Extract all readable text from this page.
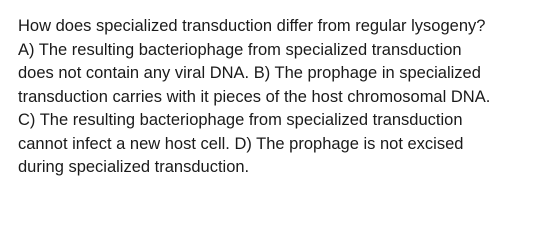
How does specialized transduction differ from regular lysogeny?
A) The resulting bacteriophage from specialized transduction
does not contain any viral DNA. B) The prophage in specialized
transduction carries with it pieces of the host chromosomal DNA.
C) The resulting bacteriophage from specialized transduction
cannot infect a new host cell. D) The prophage is not excised
during specialized transduction.
